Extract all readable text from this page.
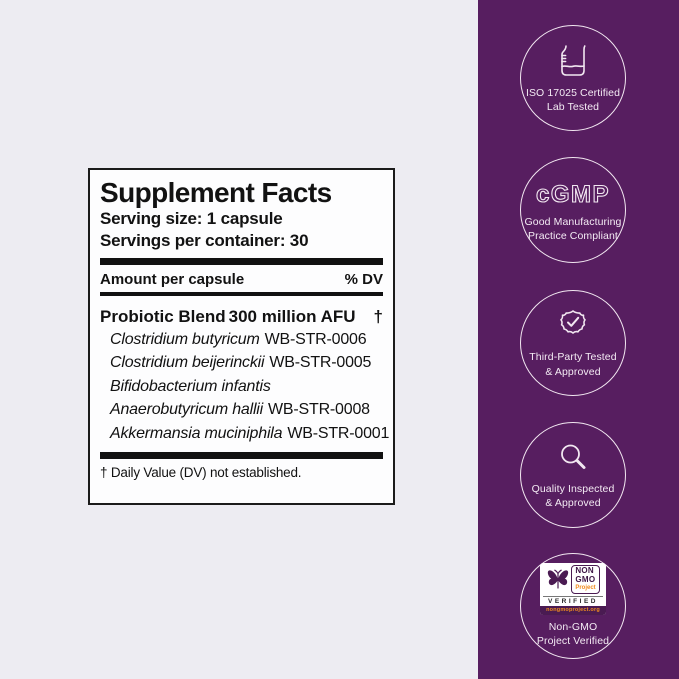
Supplement Facts
Serving size: 1 capsule
Servings per container: 30
Amount per capsule	% DV
Probiotic Blend 300 million AFU †
Clostridium butyricum WB-STR-0006
Clostridium beijerinckii WB-STR-0005
Bifidobacterium infantis
Anaerobutyricum hallii WB-STR-0008
Akkermansia muciniphila WB-STR-0001
† Daily Value (DV) not established.
ISO 17025 Certified
Lab Tested
cGMP
Good Manufacturing
Practice Compliant
Third-Party Tested
& Approved
Quality Inspected
& Approved
NON
GMO
Project
VERIFIED
nongmoproject.org
Non-GMO
Project Verified
